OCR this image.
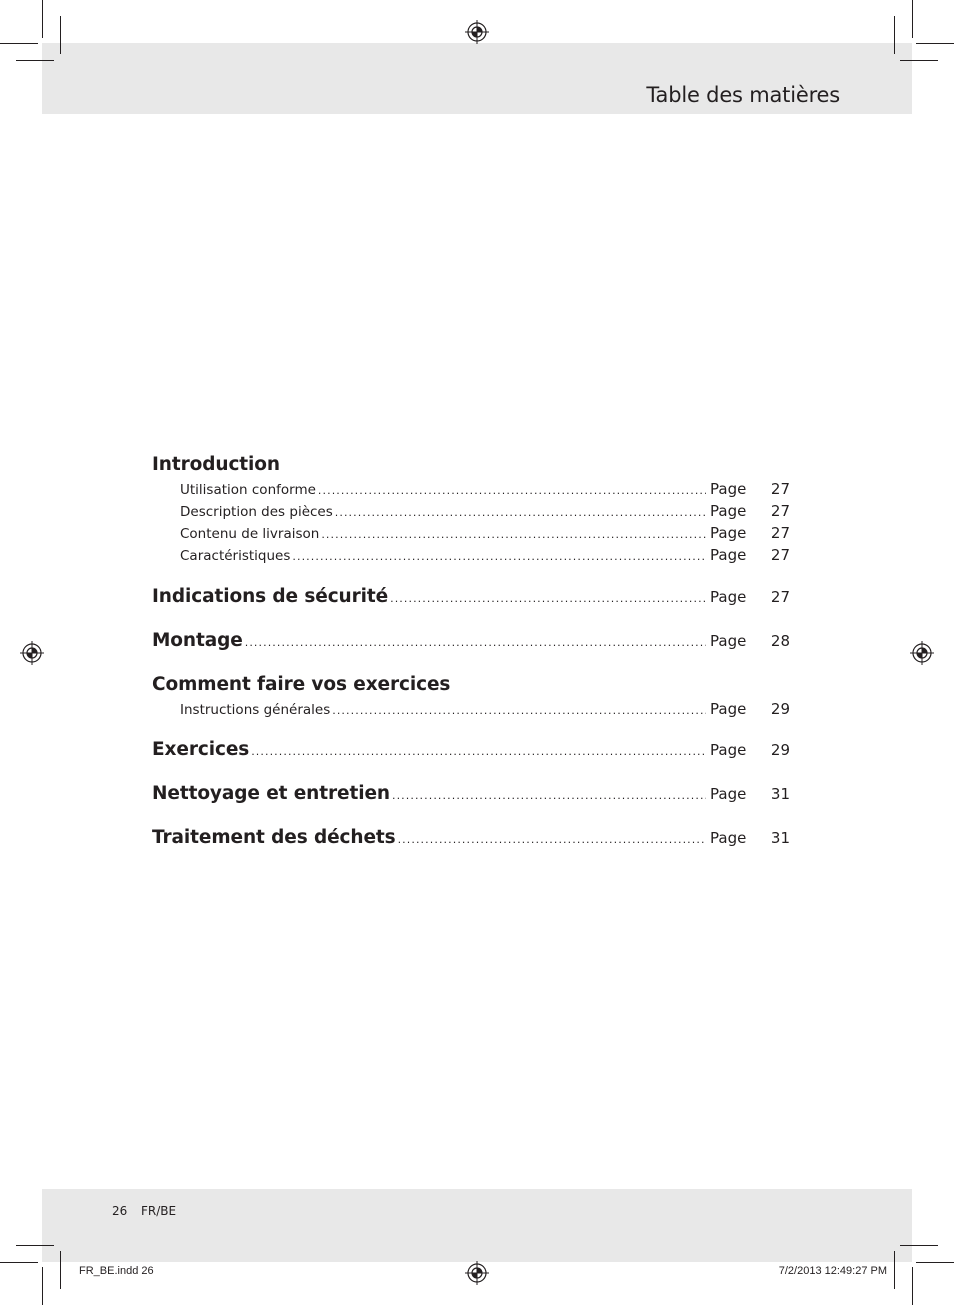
Table des matières
Introduction
Utilisation conforme .....	Page	27
Description des pièces .....	Page	27
Contenu de livraison .....	Page	27
Caractéristiques .....	Page	27
Indications de sécurité .....	Page	27
Montage .....	Page	28
Comment faire vos exercices
Instructions générales .....	Page	29
Exercices .....	Page	29
Nettoyage et entretien .....	Page	31
Traitement des déchets .....	Page	31
26 FR/BE
FR_BE.indd 26	7/2/2013 12:49:27 PM
